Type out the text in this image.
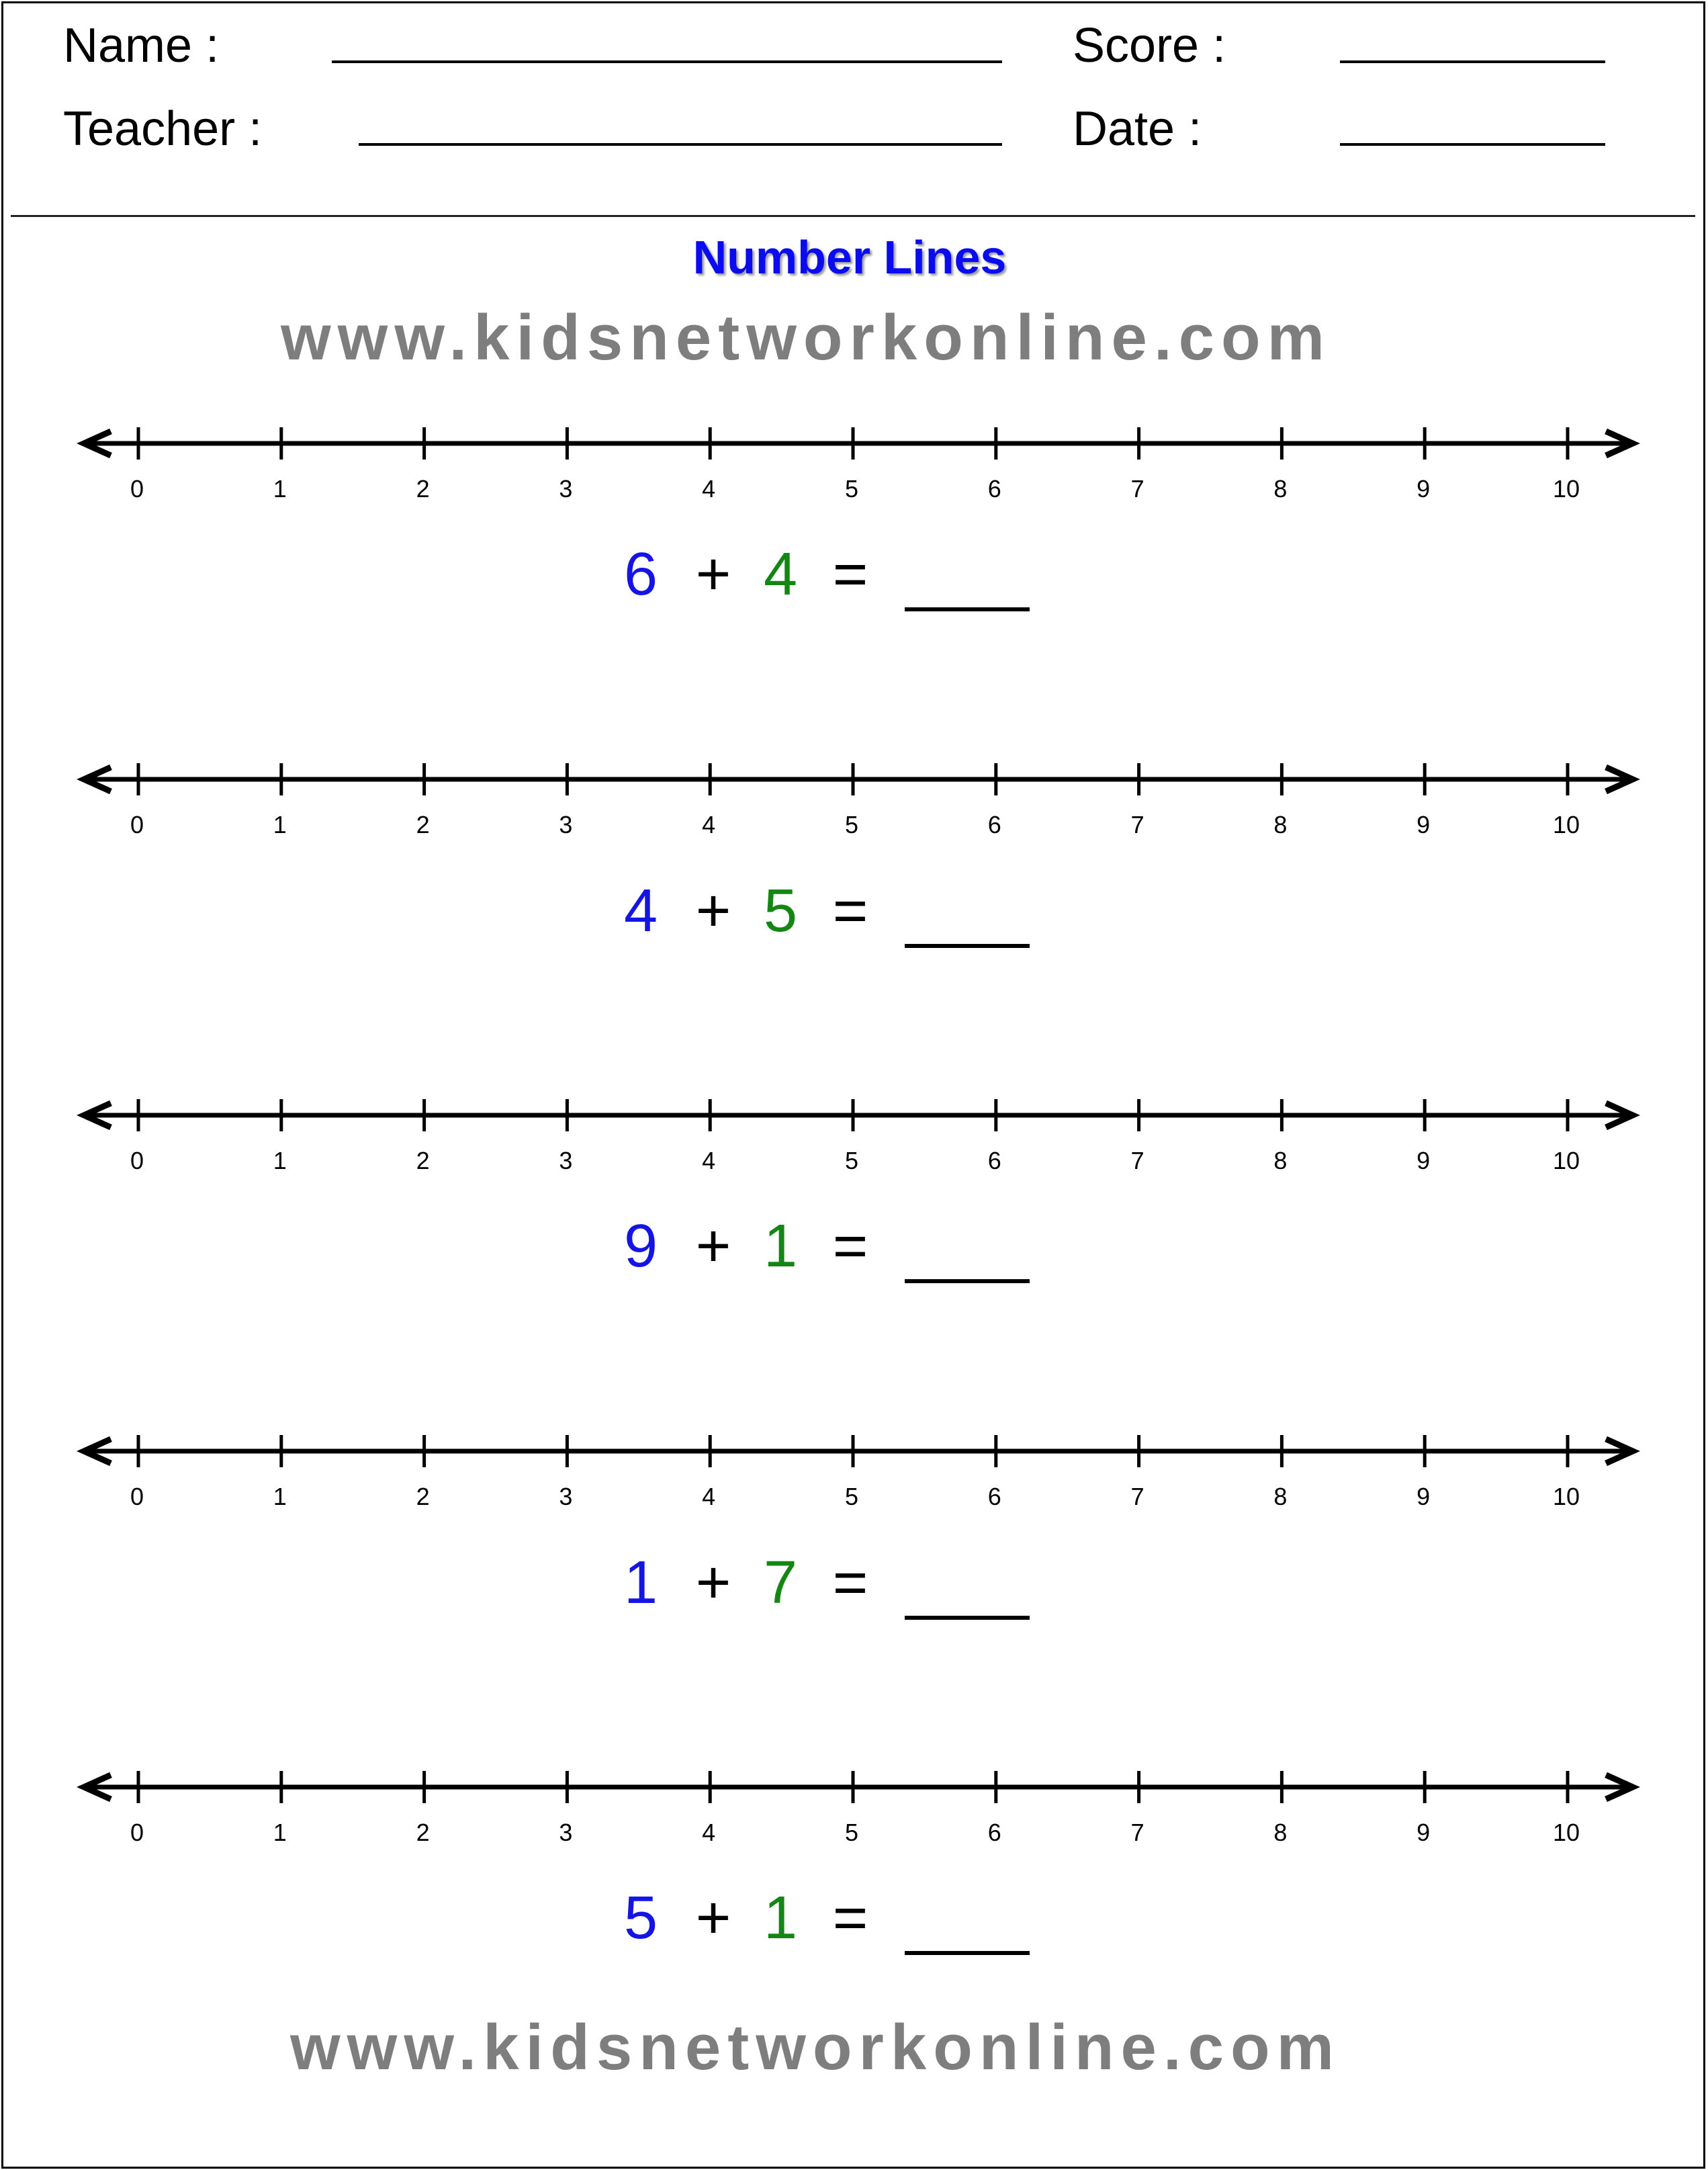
Name :
Teacher :
Score :
Date :
Number Lines
www.kidsnetworkonline.com
0	1	2	3	4	5	6	7	8	9	10
6 + 4 =
0	1	2	3	4	5	6	7	8	9	10
4 + 5 =
0	1	2	3	4	5	6	7	8	9	10
9 + 1 =
0	1	2	3	4	5	6	7	8	9	10
1 + 7 =
0	1	2	3	4	5	6	7	8	9	10
5 + 1 =
www.kidsnetworkonline.com
